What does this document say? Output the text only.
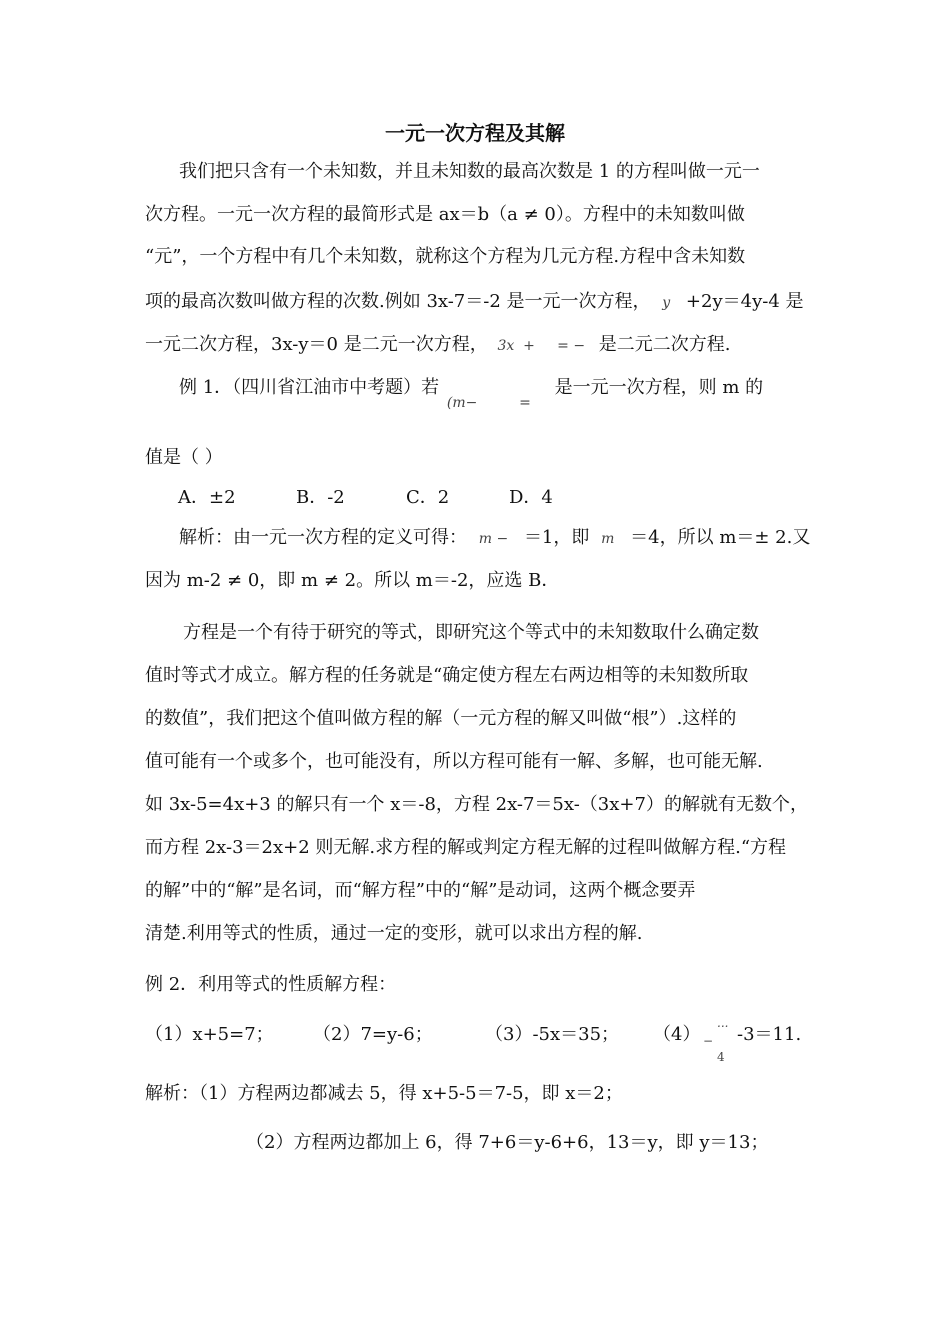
一元一次方程及其解
我们把只含有一个未知数，并且未知数的最高次数是 1 的方程叫做一元一
次方程。一元一次方程的最简形式是 ax＝b（a ≠ 0）。方程中的未知数叫做
“元”，一个方程中有几个未知数，就称这个方程为几元方程.方程中含未知数
项的最高次数叫做方程的次数.例如 3x-7＝-2 是一元一次方程， y +2y＝4y-4 是
一元二次方程，3x-y＝0 是二元一次方程， 3x  +     = − 是二元二次方程.
例 1．（四川省江油市中考题）若 $_{(m-}$	$_=$ 是一元一次方程，则 m 的
值是（ ）
A．±2	B．-2	C．2	D．4
解析：由一元一次方程的定义可得： m − ＝1，即 m ＝4，所以 m＝± 2.又
因为 m-2 ≠ 0，即 m ≠ 2。所以 m＝-2，应选 B．
方程是一个有待于研究的等式，即研究这个等式中的未知数取什么确定数
值时等式才成立。解方程的任务就是“确定使方程左右两边相等的未知数所取
的数值”，我们把这个值叫做方程的解（一元方程的解又叫做“根”）.这样的
值可能有一个或多个，也可能没有，所以方程可能有一解、多解，也可能无解.
如 3x-5=4x+3 的解只有一个 x＝-8，方程 2x-7＝5x-（3x+7）的解就有无数个，
而方程 2x-3＝2x+2 则无解.求方程的解或判定方程无解的过程叫做解方程.“方程
的解”中的“解”是名词，而“解方程”中的“解”是动词，这两个概念要弄
清楚.利用等式的性质，通过一定的变形，就可以求出方程的解.
例 2．利用等式的性质解方程：
（1）x+5=7； （2）7=y-6；	（3）-5x＝35； （4）
...
−
4
-3＝11.
解析：（1）方程两边都减去 5，得 x+5-5＝7-5，即 x＝2；
（2）方程两边都加上 6，得 7+6＝y-6+6，13＝y，即 y＝13；
